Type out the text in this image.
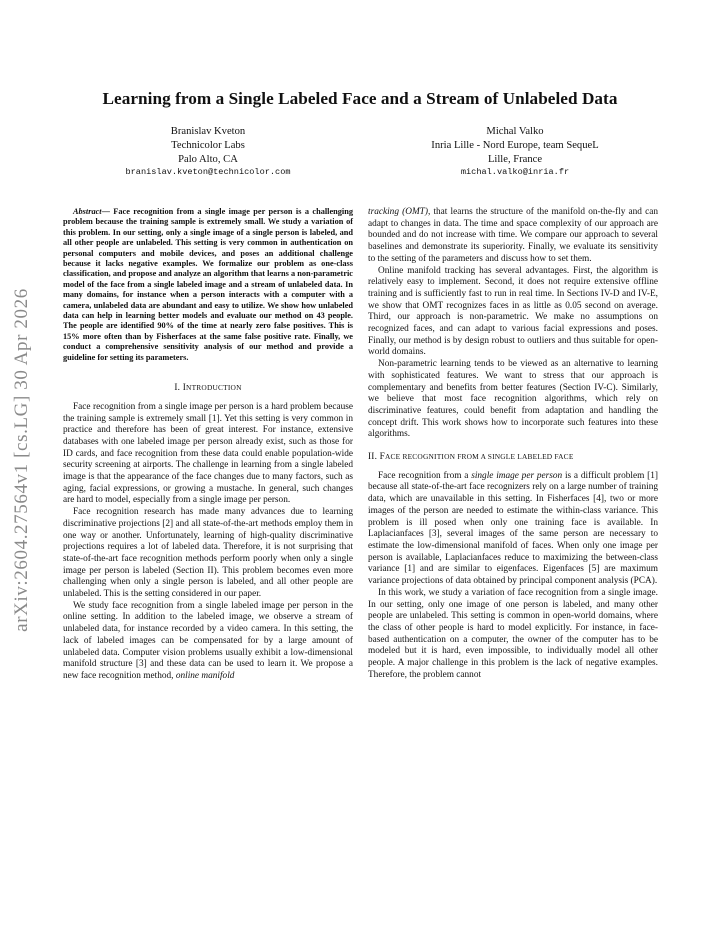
arXiv:2604.27564v1 [cs.LG] 30 Apr 2026
Learning from a Single Labeled Face and a Stream of Unlabeled Data
Branislav Kveton
Technicolor Labs
Palo Alto, CA
branislav.kveton@technicolor.com
Michal Valko
Inria Lille - Nord Europe, team SequeL
Lille, France
michal.valko@inria.fr

Abstract— Face recognition from a single image per person is a challenging problem because the training sample is extremely small. We study a variation of this problem. In our setting, only a single image of a single person is labeled, and all other people are unlabeled. This setting is very common in authentication on personal computers and mobile devices, and poses an additional challenge because it lacks negative examples. We formalize our problem as one-class classification, and propose and analyze an algorithm that learns a non-parametric model of the face from a single labeled image and a stream of unlabeled data. In many domains, for instance when a person interacts with a computer with a camera, unlabeled data are abundant and easy to utilize. We show how unlabeled data can help in learning better models and evaluate our method on 43 people. The people are identified 90% of the time at nearly zero false positives. This is 15% more often than by Fisherfaces at the same false positive rate. Finally, we conduct a comprehensive sensitivity analysis of our method and provide a guideline for setting its parameters.

I. INTRODUCTION

Face recognition from a single image per person is a hard problem because the training sample is extremely small [1]. Yet this setting is very common in practice and therefore has been of great interest. For instance, extensive databases with one labeled image per person already exist, such as those for ID cards, and face recognition from these data could enable population-wide security screening at airports. The challenge in learning from a single labeled image is that the appearance of the face changes due to many factors, such as aging, facial expressions, or growing a mustache. In general, such changes are hard to model, especially from a single image per person.

Face recognition research has made many advances due to learning discriminative projections [2] and all state-of-the-art methods employ them in one way or another. Unfortunately, learning of high-quality discriminative projections requires a lot of labeled data. Therefore, it is not surprising that state-of-the-art face recognition methods perform poorly when only a single image per person is labeled (Section II). This problem becomes even more challenging when only a single person is labeled, and all other people are unlabeled. This is the setting considered in our paper.

We study face recognition from a single labeled image per person in the online setting. In addition to the labeled image, we observe a stream of unlabeled data, for instance recorded by a video camera. In this setting, the lack of labeled images can be compensated for by a large amount of unlabeled data. Computer vision problems usually exhibit a low-dimensional manifold structure [3] and these data can be used to learn it. We propose a new face recognition method, online manifold

tracking (OMT), that learns the structure of the manifold on-the-fly and can adapt to changes in data. The time and space complexity of our approach are bounded and do not increase with time. We compare our approach to several baselines and demonstrate its superiority. Finally, we evaluate its sensitivity to the setting of the parameters and discuss how to set them.

Online manifold tracking has several advantages. First, the algorithm is relatively easy to implement. Second, it does not require extensive offline training and is sufficiently fast to run in real time. In Sections IV-D and IV-E, we show that OMT recognizes faces in as little as 0.05 second on average. Third, our approach is non-parametric. We make no assumptions on recognized faces, and can adapt to various facial expressions and poses. Finally, our method is by design robust to outliers and thus suitable for open-world domains.

Non-parametric learning tends to be viewed as an alternative to learning with sophisticated features. We want to stress that our approach is complementary and benefits from better features (Section IV-C). Similarly, we believe that most face recognition algorithms, which rely on discriminative features, could benefit from adaptation and handling the concept drift. This work shows how to incorporate such features into these algorithms.

II. FACE RECOGNITION FROM A SINGLE LABELED FACE

Face recognition from a single image per person is a difficult problem [1] because all state-of-the-art face recognizers rely on a large number of training data, which are unavailable in this setting. In Fisherfaces [4], two or more images of the person are needed to estimate the within-class variance. This problem is ill posed when only one training face is available. In Laplacianfaces [3], several images of the same person are necessary to estimate the low-dimensional manifold of faces. When only one image per person is available, Laplacianfaces reduce to maximizing the between-class variance [1] and are similar to eigenfaces. Eigenfaces [5] are maximum variance projections of data obtained by principal component analysis (PCA).

In this work, we study a variation of face recognition from a single image. In our setting, only one image of one person is labeled, and many other people are unlabeled. This setting is common in open-world domains, where the class of other people is hard to model explicitly. For instance, in face-based authentication on a computer, the owner of the computer has to be modeled but it is hard, even impossible, to individually model all other people. A major challenge in this problem is the lack of negative examples. Therefore, the problem cannot
